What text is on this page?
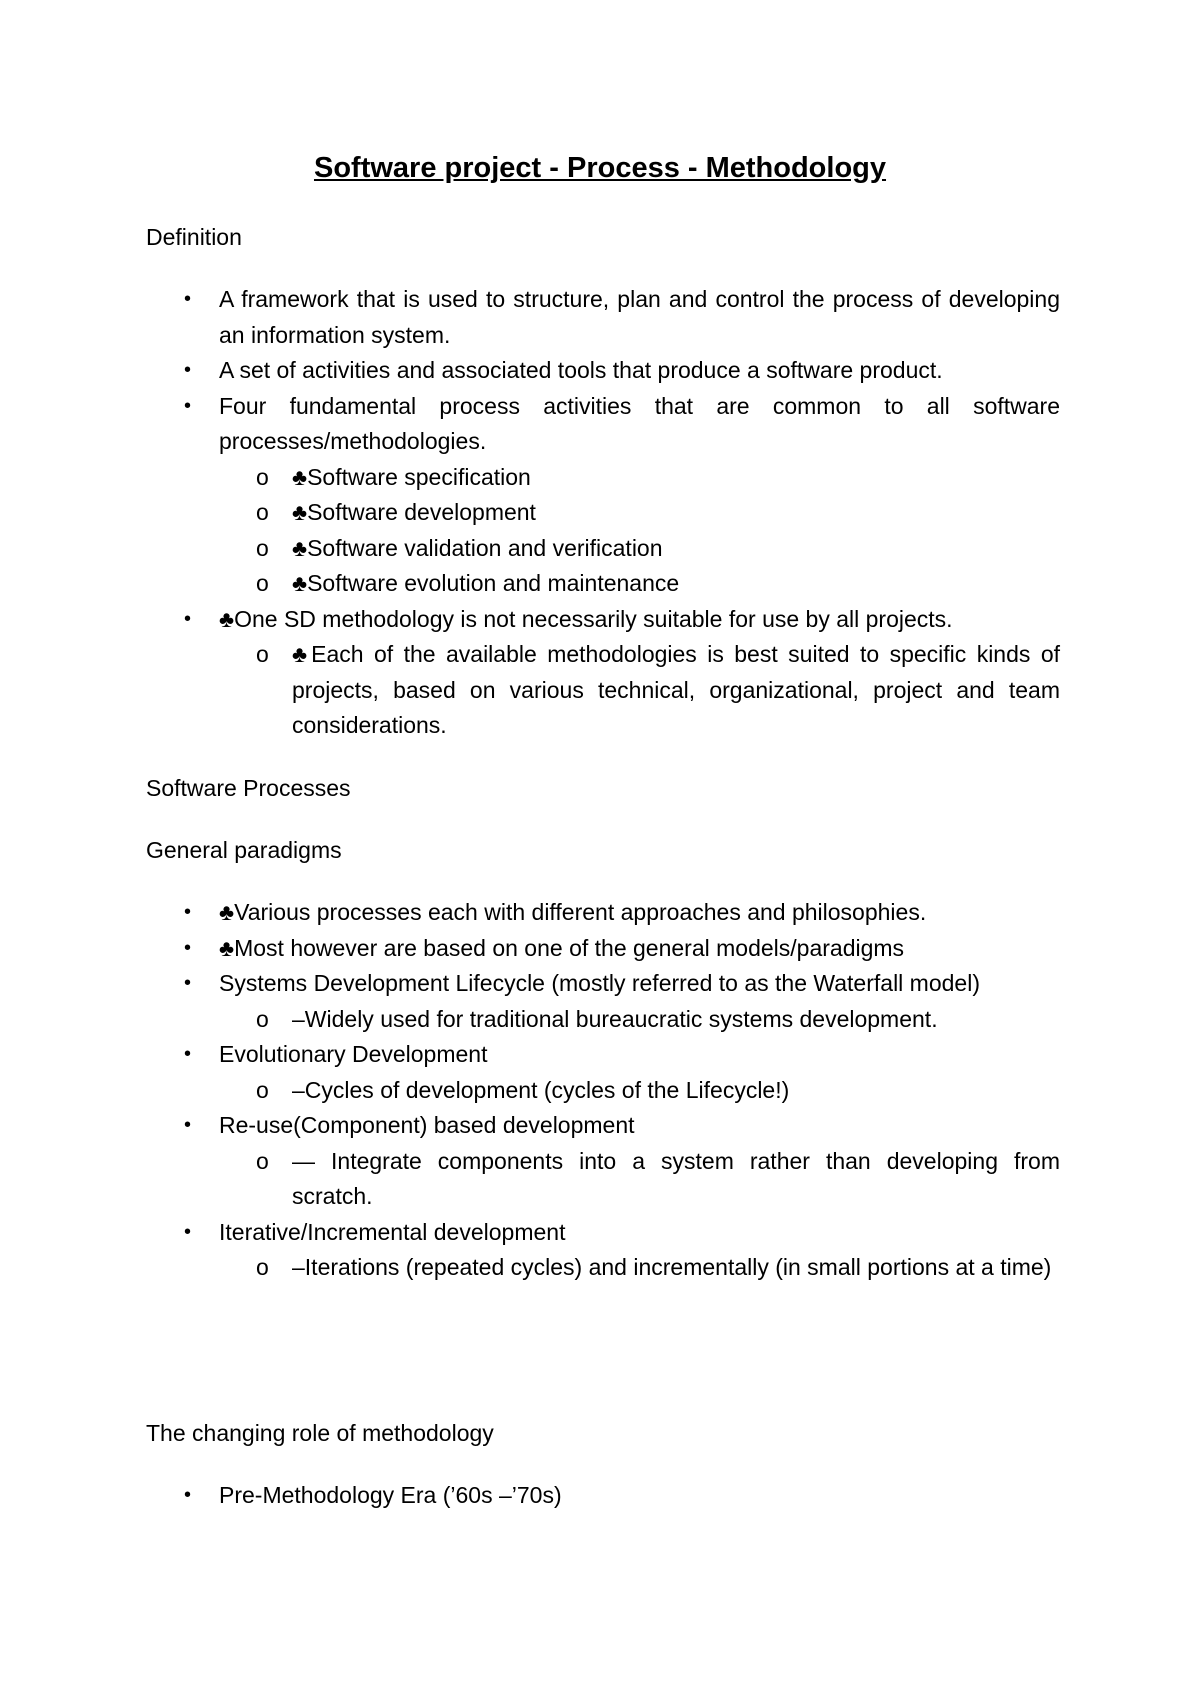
Software project - Process - Methodology
Definition
• A framework that is used to structure, plan and control the process of developing an information system.
• A set of activities and associated tools that produce a software product.
• Four fundamental process activities that are common to all software processes/methodologies.
o ♣Software specification
o ♣Software development
o ♣Software validation and verification
o ♣Software evolution and maintenance
• ♣One SD methodology is not necessarily suitable for use by all projects.
o ♣Each of the available methodologies is best suited to specific kinds of projects, based on various technical, organizational, project and team considerations.
Software Processes
General paradigms
• ♣Various processes each with different approaches and philosophies.
• ♣Most however are based on one of the general models/paradigms
• Systems Development Lifecycle (mostly referred to as the Waterfall model)
o –Widely used for traditional bureaucratic systems development.
• Evolutionary Development
o –Cycles of development (cycles of the Lifecycle!)
• Re-use(Component) based development
o — Integrate components into a system rather than developing from scratch.
• Iterative/Incremental development
o –Iterations (repeated cycles) and incrementally (in small portions at a time)
The changing role of methodology
• Pre-Methodology Era (’60s –’70s)
